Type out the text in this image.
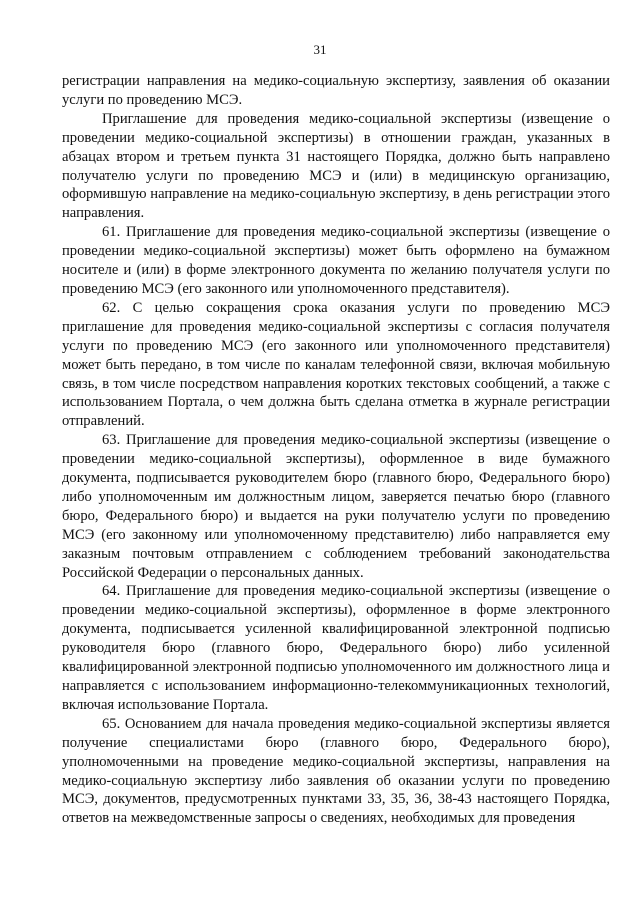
31

регистрации направления на медико-социальную экспертизу, заявления об оказании услуги по проведению МСЭ.

Приглашение для проведения медико-социальной экспертизы (извещение о проведении медико-социальной экспертизы) в отношении граждан, указанных в абзацах втором и третьем пункта 31 настоящего Порядка, должно быть направлено получателю услуги по проведению МСЭ и (или) в медицинскую организацию, оформившую направление на медико-социальную экспертизу, в день регистрации этого направления.

61. Приглашение для проведения медико-социальной экспертизы (извещение о проведении медико-социальной экспертизы) может быть оформлено на бумажном носителе и (или) в форме электронного документа по желанию получателя услуги по проведению МСЭ (его законного или уполномоченного представителя).

62. С целью сокращения срока оказания услуги по проведению МСЭ приглашение для проведения медико-социальной экспертизы с согласия получателя услуги по проведению МСЭ (его законного или уполномоченного представителя) может быть передано, в том числе по каналам телефонной связи, включая мобильную связь, в том числе посредством направления коротких текстовых сообщений, а также с использованием Портала, о чем должна быть сделана отметка в журнале регистрации отправлений.

63. Приглашение для проведения медико-социальной экспертизы (извещение о проведении медико-социальной экспертизы), оформленное в виде бумажного документа, подписывается руководителем бюро (главного бюро, Федерального бюро) либо уполномоченным им должностным лицом, заверяется печатью бюро (главного бюро, Федерального бюро) и выдается на руки получателю услуги по проведению МСЭ (его законному или уполномоченному представителю) либо направляется ему заказным почтовым отправлением с соблюдением требований законодательства Российской Федерации о персональных данных.

64. Приглашение для проведения медико-социальной экспертизы (извещение о проведении медико-социальной экспертизы), оформленное в форме электронного документа, подписывается усиленной квалифицированной электронной подписью руководителя бюро (главного бюро, Федерального бюро) либо усиленной квалифицированной электронной подписью уполномоченного им должностного лица и направляется с использованием информационно-телекоммуникационных технологий, включая использование Портала.

65. Основанием для начала проведения медико-социальной экспертизы является получение специалистами бюро (главного бюро, Федерального бюро), уполномоченными на проведение медико-социальной экспертизы, направления на медико-социальную экспертизу либо заявления об оказании услуги по проведению МСЭ, документов, предусмотренных пунктами 33, 35, 36, 38-43 настоящего Порядка, ответов на межведомственные запросы о сведениях, необходимых для проведения
